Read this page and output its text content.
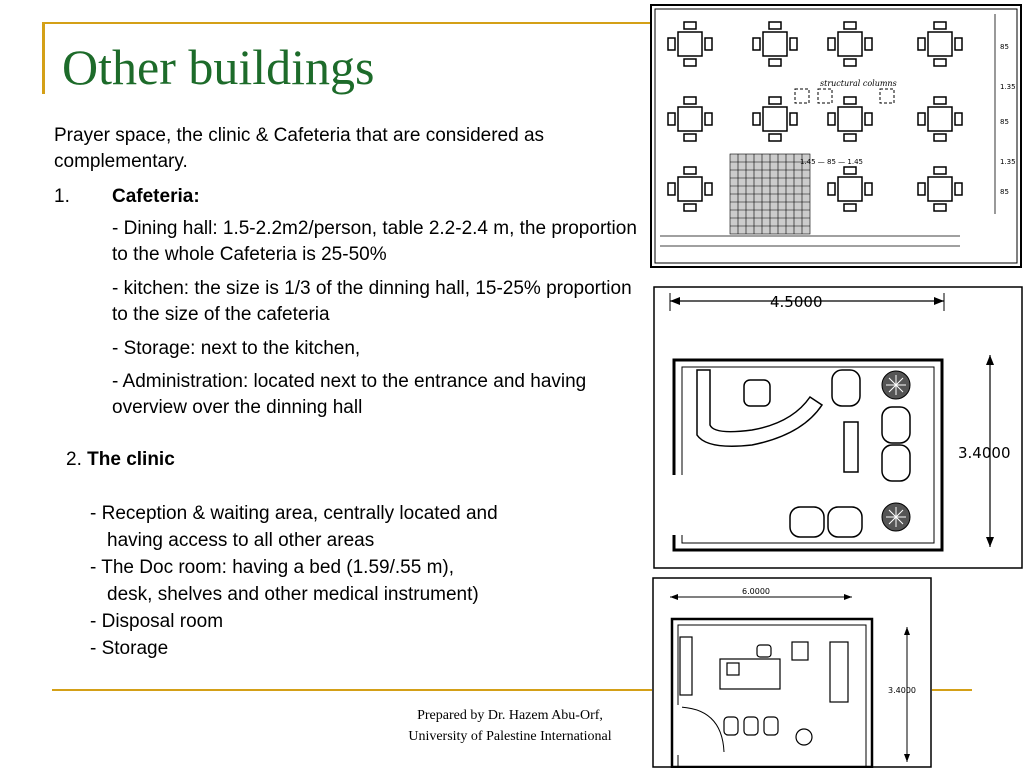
Other buildings
Prayer space, the clinic & Cafeteria that are considered as complementary.
1. Cafeteria:
- Dining hall: 1.5-2.2m2/person, table 2.2-2.4 m, the proportion to the whole Cafeteria is 25-50%
- kitchen: the size is 1/3 of the dinning hall, 15-25% proportion to the size of the cafeteria
- Storage: next to the kitchen,
- Administration: located next to the entrance and having overview over the dinning hall
2. The clinic
- Reception & waiting area, centrally located and
having access to all other areas
- The Doc room: having a bed (1.59/.55 m),
desk, shelves and other medical instrument)
- Disposal room
- Storage
Prepared by Dr. Hazem Abu-Orf,
University of Palestine International
structural columns
85
1.35
85
1.35
85
1.45 — 85 — 1.45
4.5000
3.4000
6.0000
3.4000
